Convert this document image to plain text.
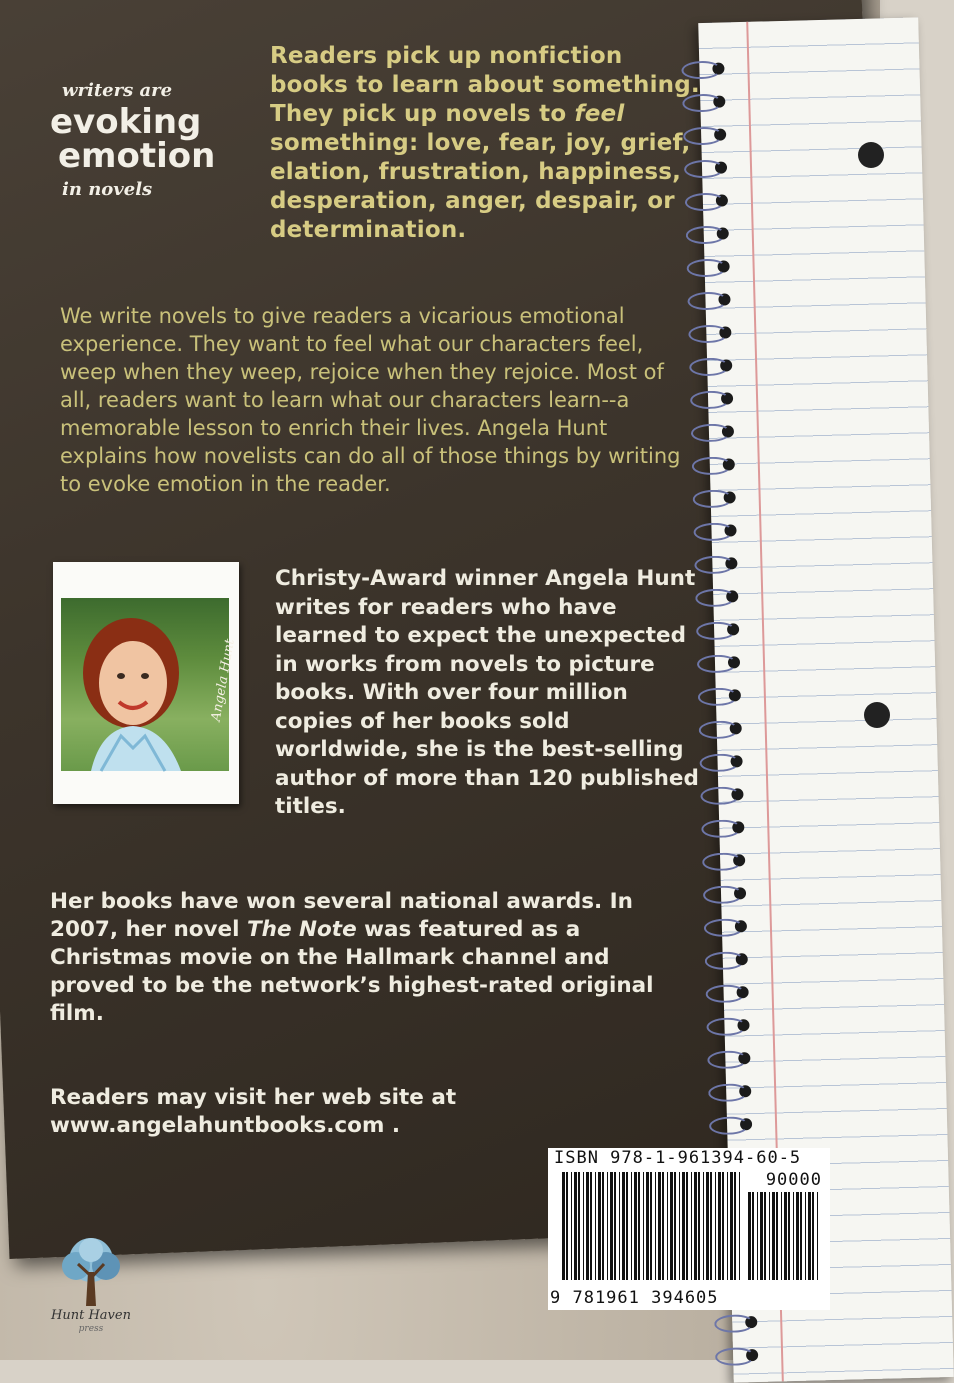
writers are
evoking
emotion
in novels
Readers pick up nonfiction books to learn about something. They pick up novels to feel something: love, fear, joy, grief, elation, frustration, happiness, desperation, anger, despair, or determination.
We write novels to give readers a vicarious emotional experience. They want to feel what our characters feel, weep when they weep, rejoice when they rejoice. Most of all, readers want to learn what our characters learn--a memorable lesson to enrich their lives. Angela Hunt explains how novelists can do all of those things by writing to evoke emotion in the reader.
Angela Hunt
Christy-Award winner Angela Hunt writes for readers who have learned to expect the unexpected in works from novels to picture books. With over four million copies of her books sold worldwide, she is the best-selling author of more than 120 published titles.
Her books have won several national awards. In 2007, her novel The Note was featured as a Christmas movie on the Hallmark channel and proved to be the network’s highest-rated original film.
Readers may visit her web site at
www.angelahuntbooks.com .
ISBN 978-1-961394-60-5
90000
9 781961 394605
Hunt Haven
press
